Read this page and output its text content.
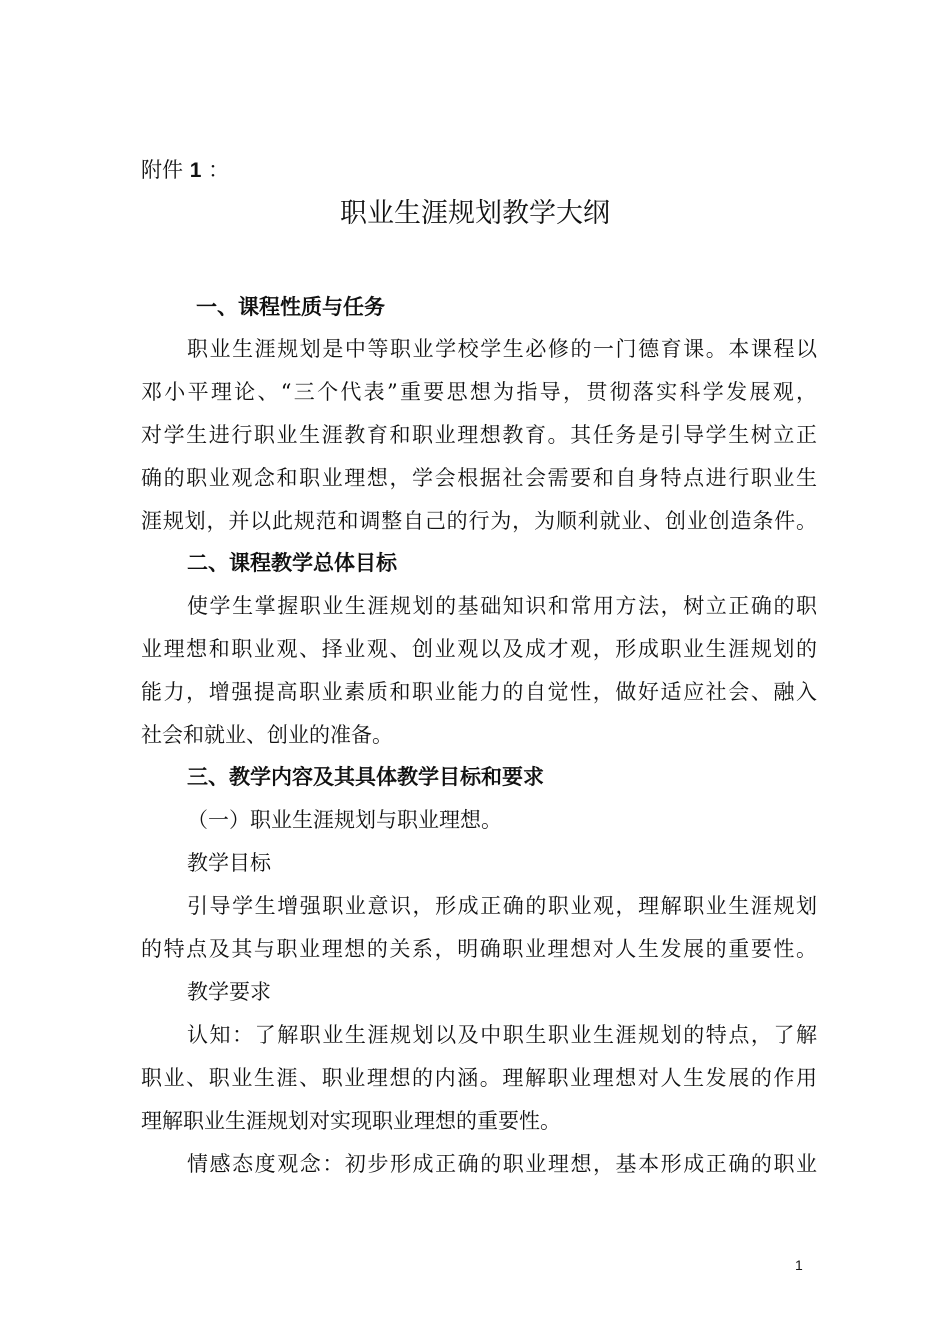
附件 1 ：
职业生涯规划教学大纲
一、课程性质与任务
职业生涯规划是中等职业学校学生必修的一门德育课。本课程以
邓小平理论、“三个代表”重要思想为指导，贯彻落实科学发展观，
对学生进行职业生涯教育和职业理想教育。其任务是引导学生树立正
确的职业观念和职业理想，学会根据社会需要和自身特点进行职业生
涯规划，并以此规范和调整自己的行为，为顺利就业、创业创造条件。
二、课程教学总体目标
使学生掌握职业生涯规划的基础知识和常用方法，树立正确的职
业理想和职业观、择业观、创业观以及成才观，形成职业生涯规划的
能力，增强提高职业素质和职业能力的自觉性，做好适应社会、融入
社会和就业、创业的准备。
三、教学内容及其具体教学目标和要求
（一）职业生涯规划与职业理想。
教学目标
引导学生增强职业意识，形成正确的职业观，理解职业生涯规划
的特点及其与职业理想的关系，明确职业理想对人生发展的重要性。
教学要求
认知：了解职业生涯规划以及中职生职业生涯规划的特点，了解
职业、职业生涯、职业理想的内涵。理解职业理想对人生发展的作用
理解职业生涯规划对实现职业理想的重要性。
情感态度观念：初步形成正确的职业理想，基本形成正确的职业
1
